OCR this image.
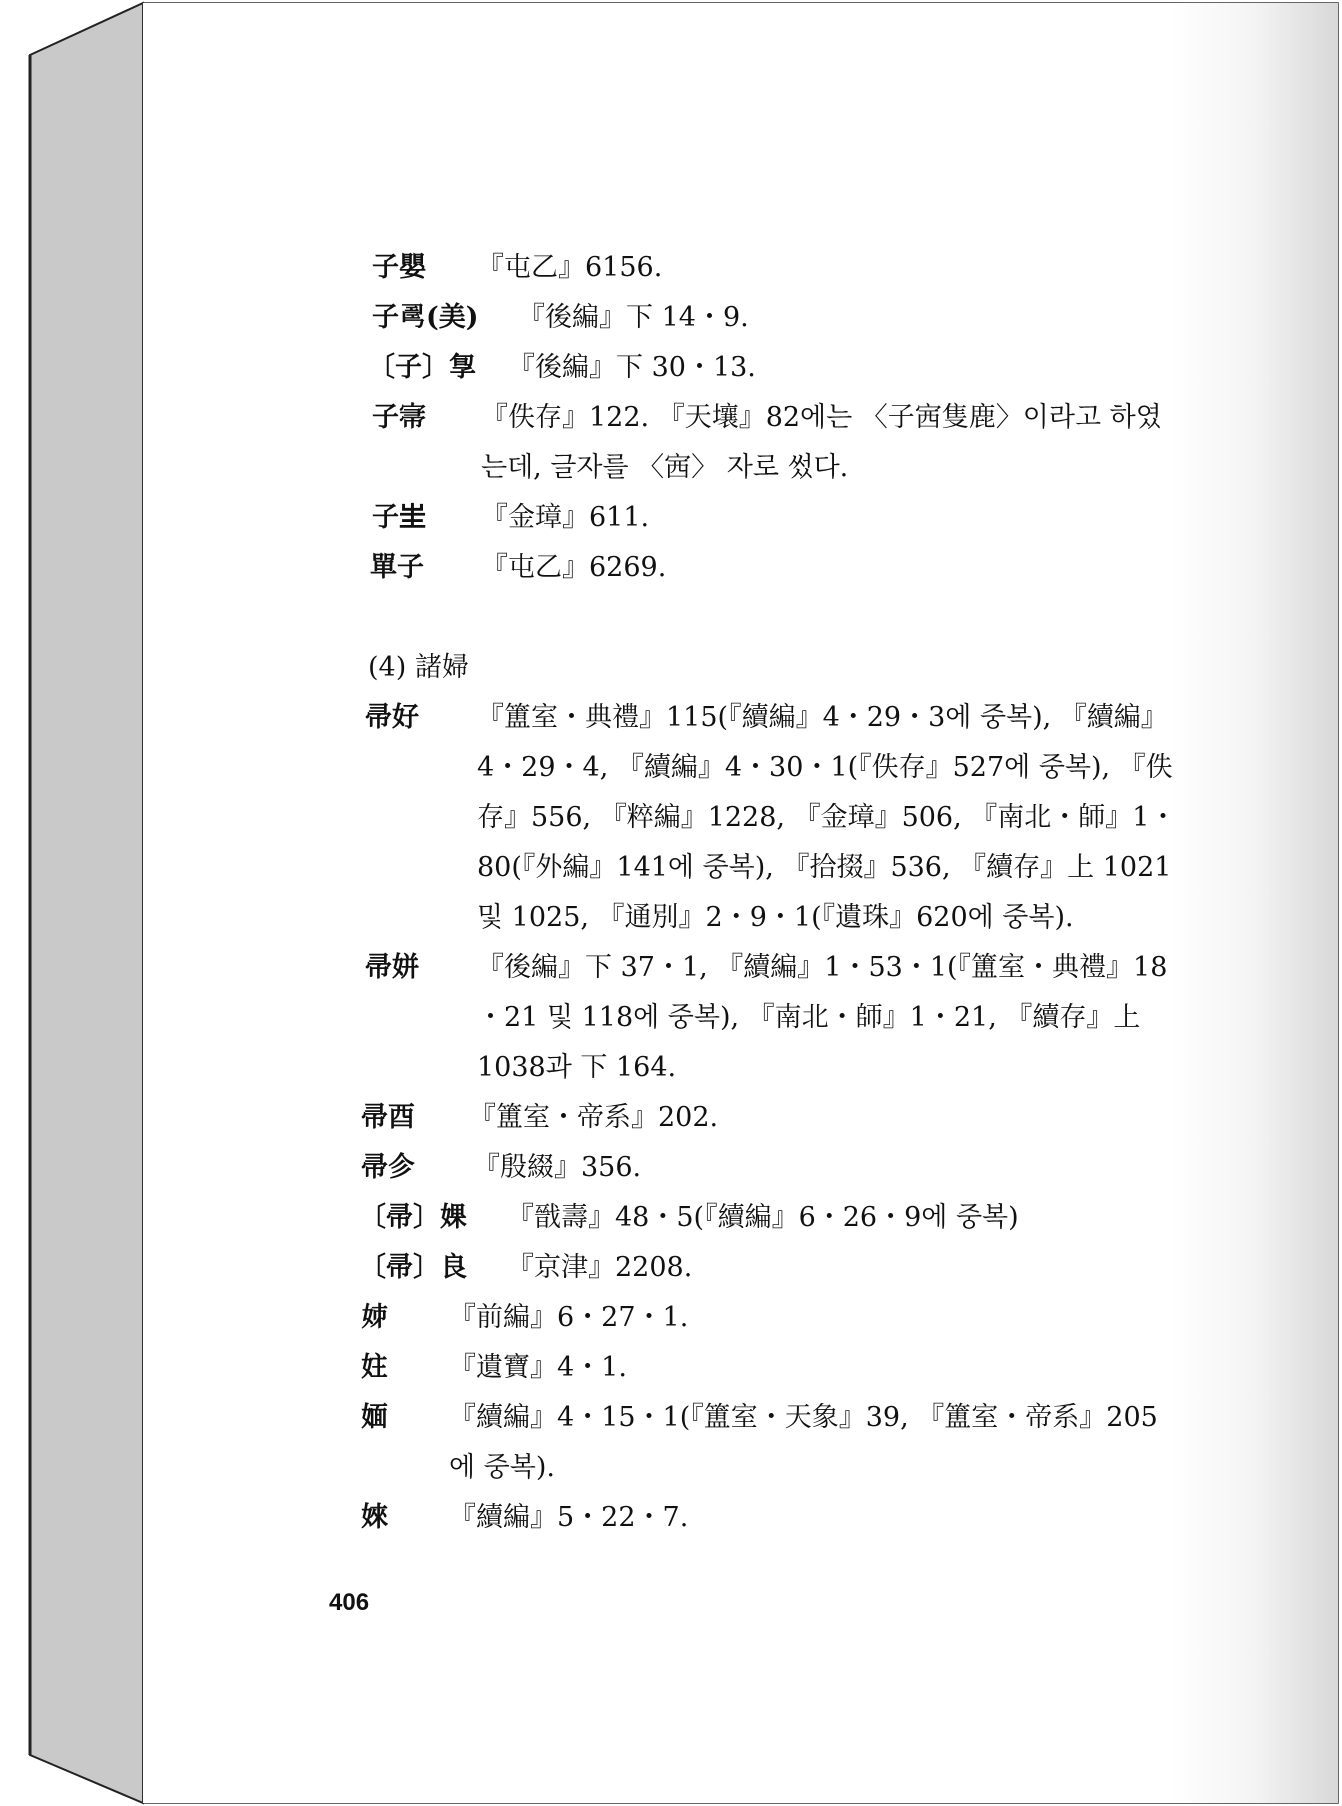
子嬰 『屯乙』6156.
子𢏚(美) 『後編』下 14・9.
〔子〕㝁 『後編』下 30・13.
子𡨦 『佚存』122. 『天壤』82에는 〈子𡧳隻鹿〉이라고 하였
는데, 글자를 〈𡧳〉 자로 썼다.
子𡉚 『金璋』611.
單子 『屯乙』6269.
(4) 諸婦
帚好 『簠室・典禮』115(『續編』4・29・3에 중복), 『續編』
4・29・4, 『續編』4・30・1(『佚存』527에 중복), 『佚
存』556, 『粹編』1228, 『金璋』506, 『南北・師』1・
80(『外編』141에 중복), 『拾掇』536, 『續存』上 1021
및 1025, 『通別』2・9・1(『遺珠』620에 중복).
帚姘 『後編』下 37・1, 『續編』1・53・1(『簠室・典禮』18
・21 및 118에 중복), 『南北・師』1・21, 『續存』上
1038과 下 164.
帚酉 『簠室・帝系』202.
帚㐱 『殷綴』356.
〔帚〕婐 『戩壽』48・5(『續編』6・26・9에 중복)
〔帚〕良 『京津』2208.
𡛷 『前編』6・27・1.
妵 『遺寶』4・1.
媔 『續編』4・15・1(『簠室・天象』39, 『簠室・帝系』205
에 중복).
婡 『續編』5・22・7.
406
